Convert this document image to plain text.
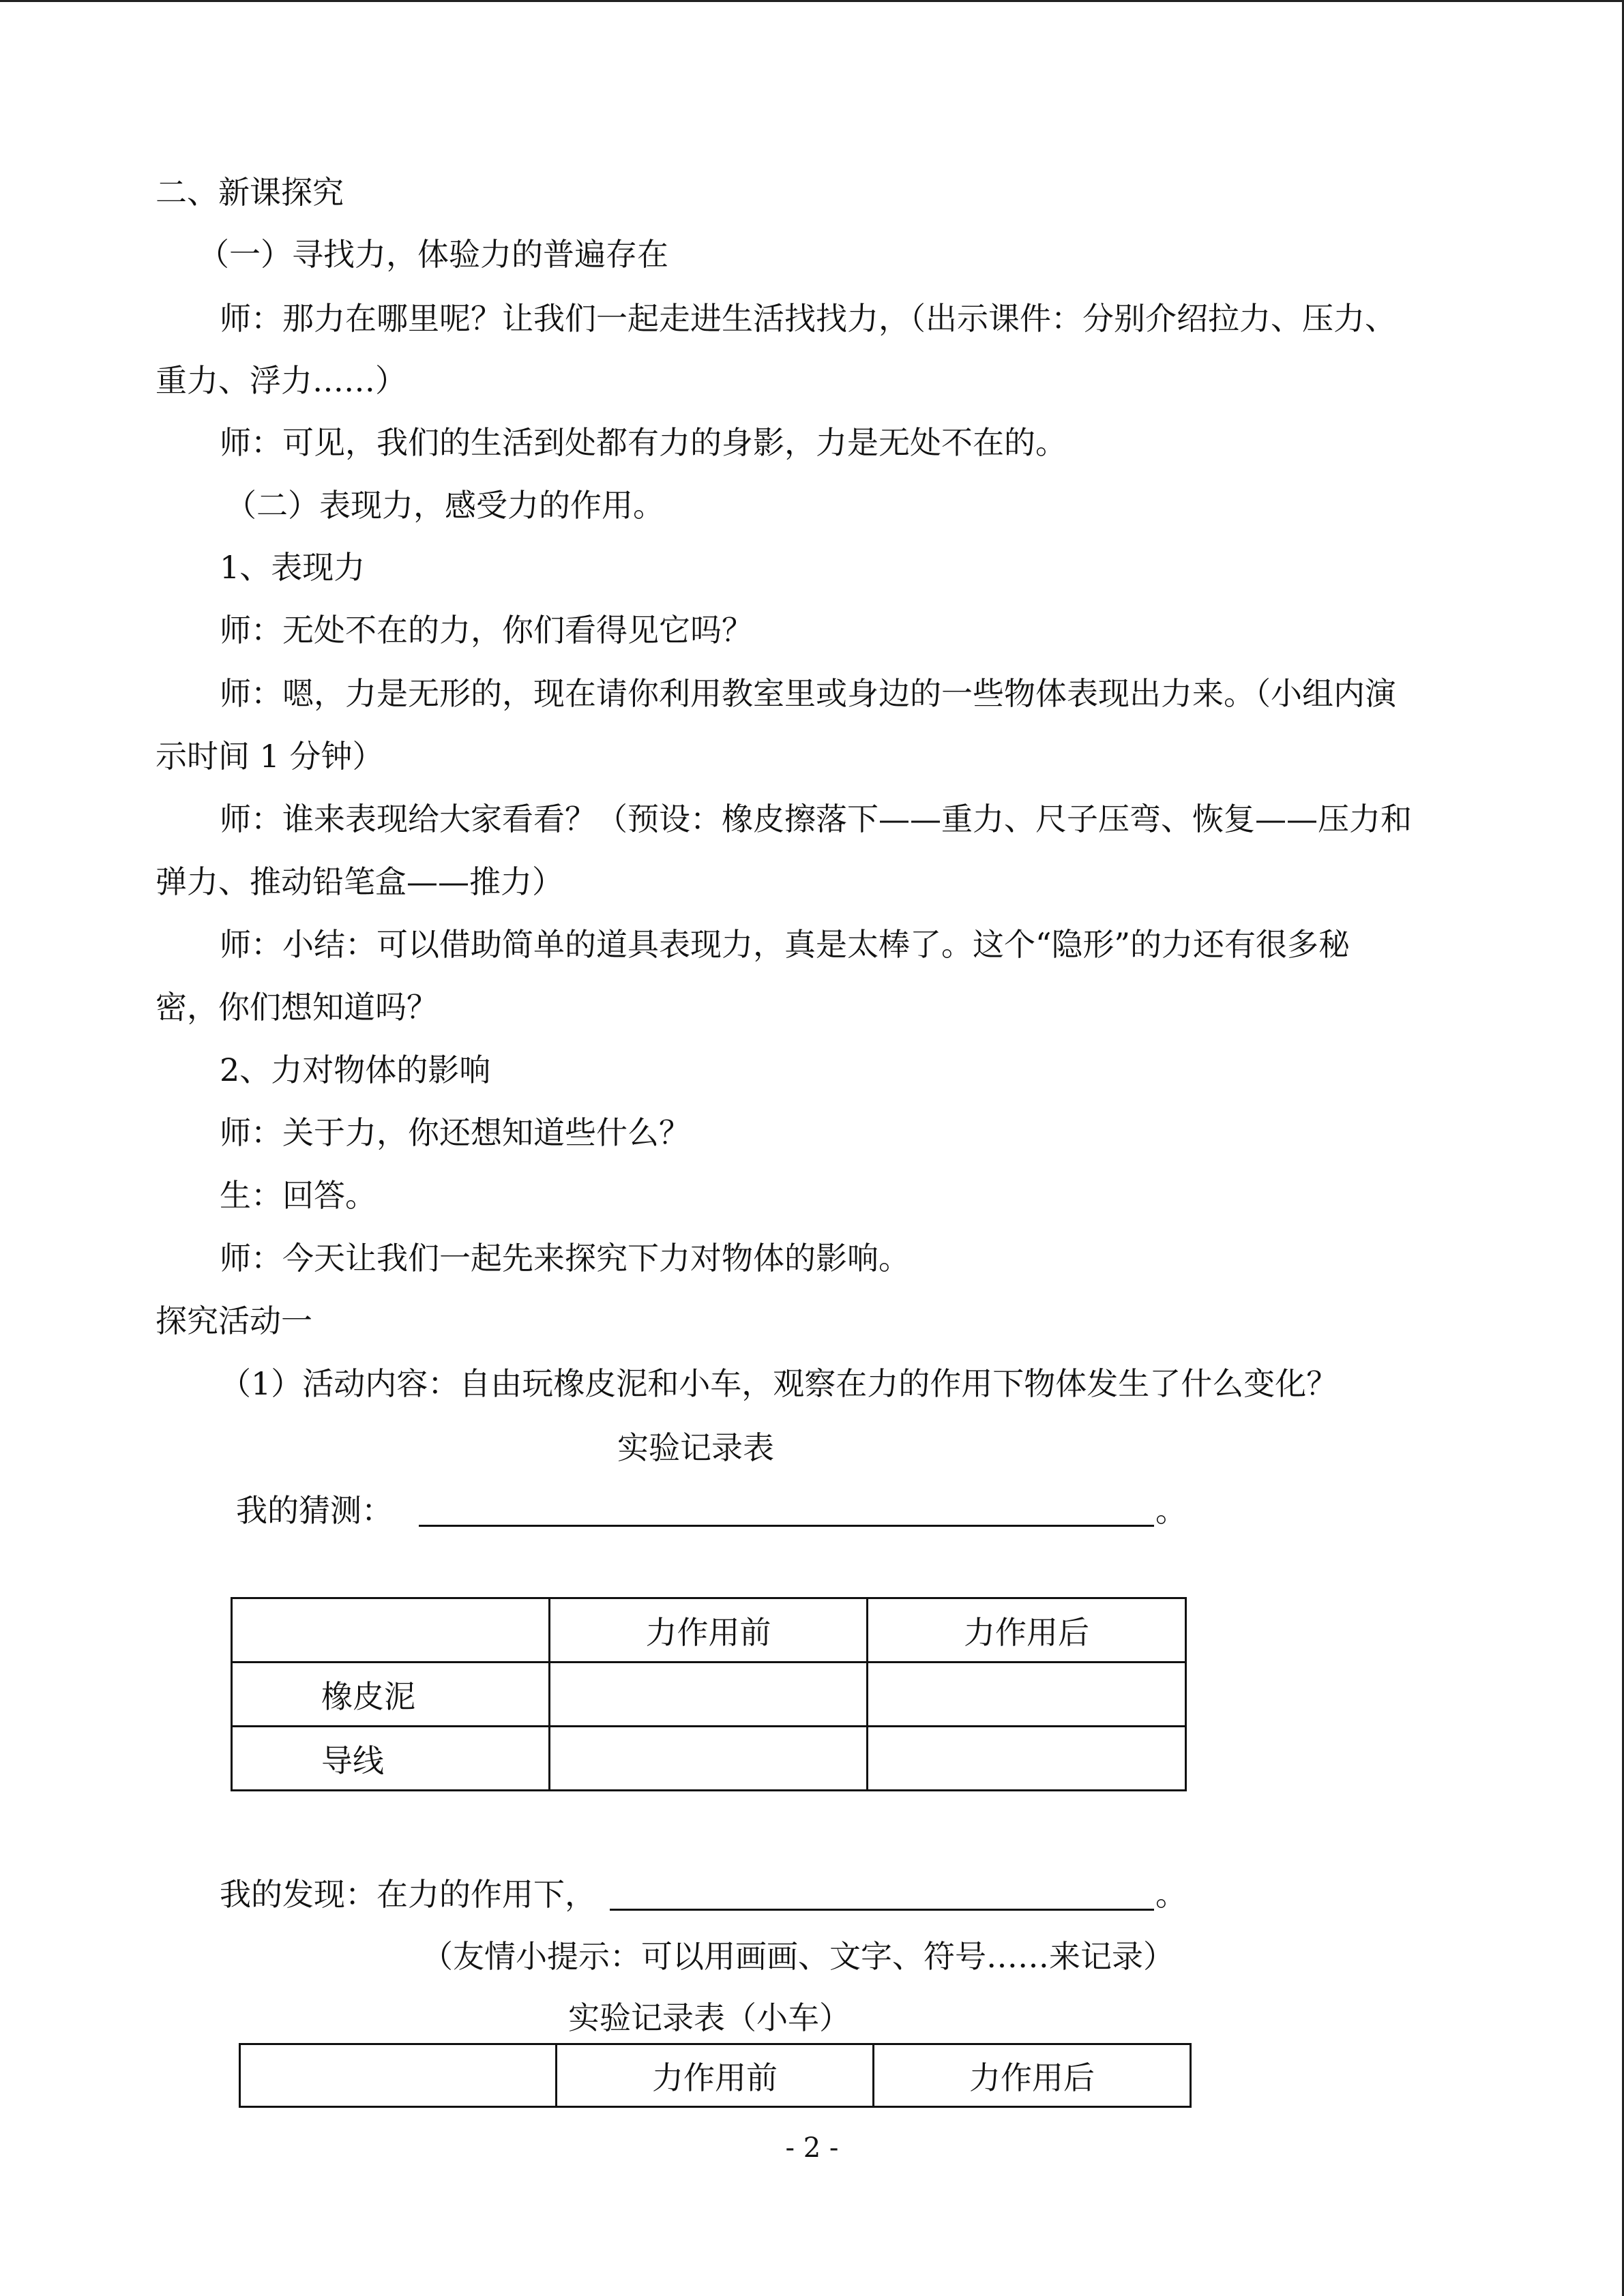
二、新课探究
（一）寻找力，体验力的普遍存在
师：那力在哪里呢？让我们一起走进生活找找力，（出示课件：分别介绍拉力、压力、
重力、浮力……）
师：可见，我们的生活到处都有力的身影，力是无处不在的。
（二）表现力，感受力的作用。
1、表现力
师：无处不在的力，你们看得见它吗？
师：嗯，力是无形的，现在请你利用教室里或身边的一些物体表现出力来。（小组内演
示时间 1 分钟）
师：谁来表现给大家看看？（预设：橡皮擦落下——重力、尺子压弯、恢复——压力和
弹力、推动铅笔盒——推力）
师：小结：可以借助简单的道具表现力，真是太棒了。这个“隐形”的力还有很多秘
密，你们想知道吗？
2、力对物体的影响
师：关于力，你还想知道些什么？
生：回答。
师：今天让我们一起先来探究下力对物体的影响。
探究活动一
（1）活动内容：自由玩橡皮泥和小车，观察在力的作用下物体发生了什么变化？
实验记录表
我的猜测：	。
	力作用前	力作用后
橡皮泥		
导线		
我的发现：在力的作用下，	。
（友情小提示：可以用画画、文字、符号……来记录）
实验记录表（小车）
	力作用前	力作用后
- 2 -
